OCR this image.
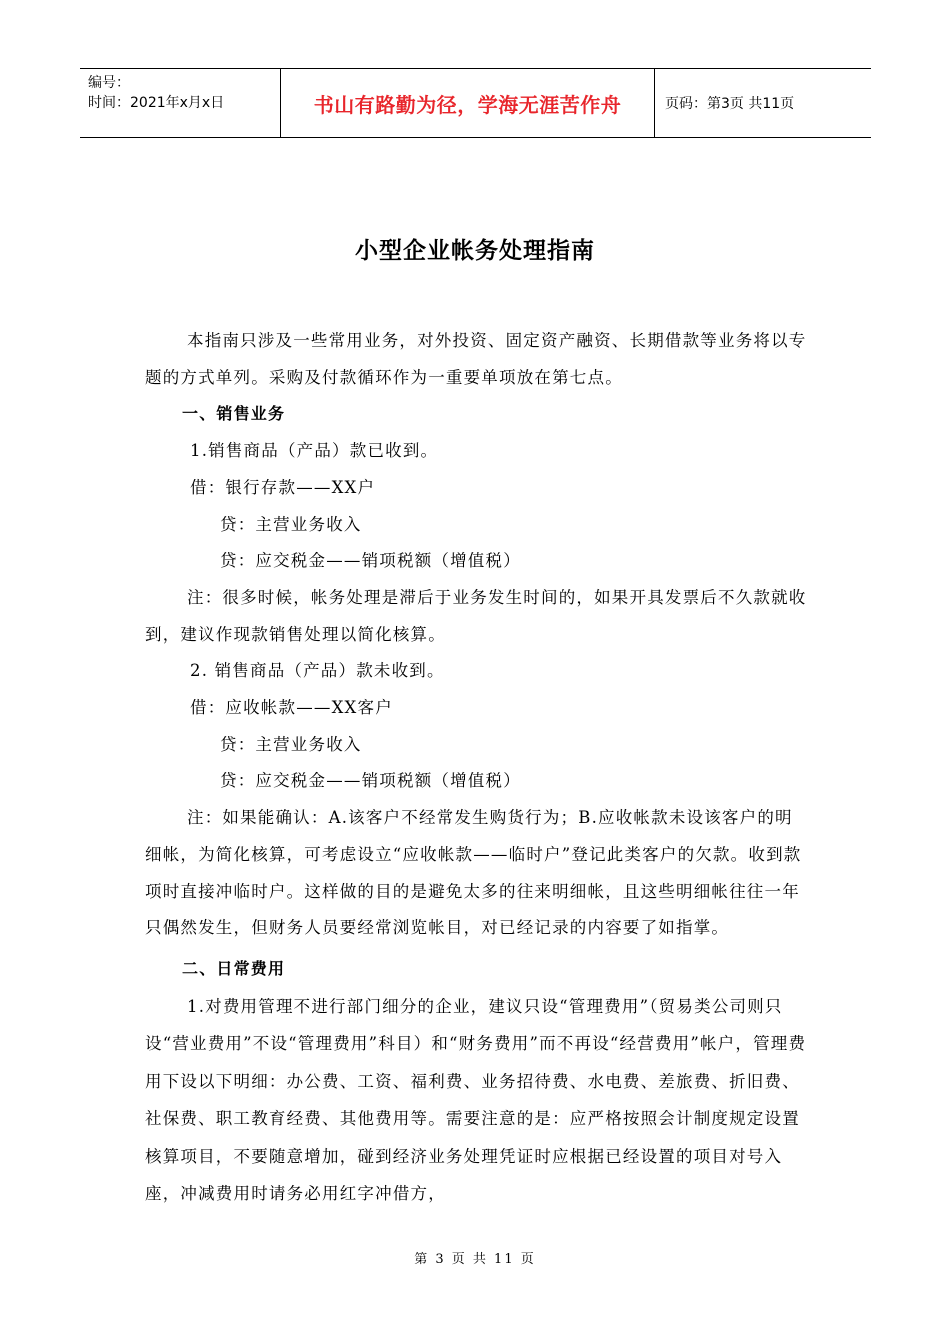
编号：
时间：2021年x月x日	书山有路勤为径，学海无涯苦作舟	页码：第3页 共11页
小型企业帐务处理指南

本指南只涉及一些常用业务，对外投资、固定资产融资、长期借款等业务将以专题的方式单列。采购及付款循环作为一重要单项放在第七点。

一、销售业务

1.销售商品（产品）款已收到。

借：银行存款——XX户

贷：主营业务收入

贷：应交税金——销项税额（增值税）

注：很多时候，帐务处理是滞后于业务发生时间的，如果开具发票后不久款就收到，建议作现款销售处理以简化核算。

2. 销售商品（产品）款未收到。

借：应收帐款——XX客户

贷：主营业务收入

贷：应交税金——销项税额（增值税）

注：如果能确认：A.该客户不经常发生购货行为；B.应收帐款未设该客户的明细帐，为简化核算，可考虑设立“应收帐款——临时户”登记此类客户的欠款。收到款项时直接冲临时户。这样做的目的是避免太多的往来明细帐，且这些明细帐往往一年只偶然发生，但财务人员要经常浏览帐目，对已经记录的内容要了如指掌。

二、日常费用

1.对费用管理不进行部门细分的企业，建议只设“管理费用”（贸易类公司则只设“营业费用”不设“管理费用”科目）和“财务费用”而不再设“经营费用”帐户，管理费用下设以下明细：办公费、工资、福利费、业务招待费、水电费、差旅费、折旧费、社保费、职工教育经费、其他费用等。需要注意的是：应严格按照会计制度规定设置核算项目，不要随意增加，碰到经济业务处理凭证时应根据已经设置的项目对号入座，冲减费用时请务必用红字冲借方，

第 3 页 共 11 页
